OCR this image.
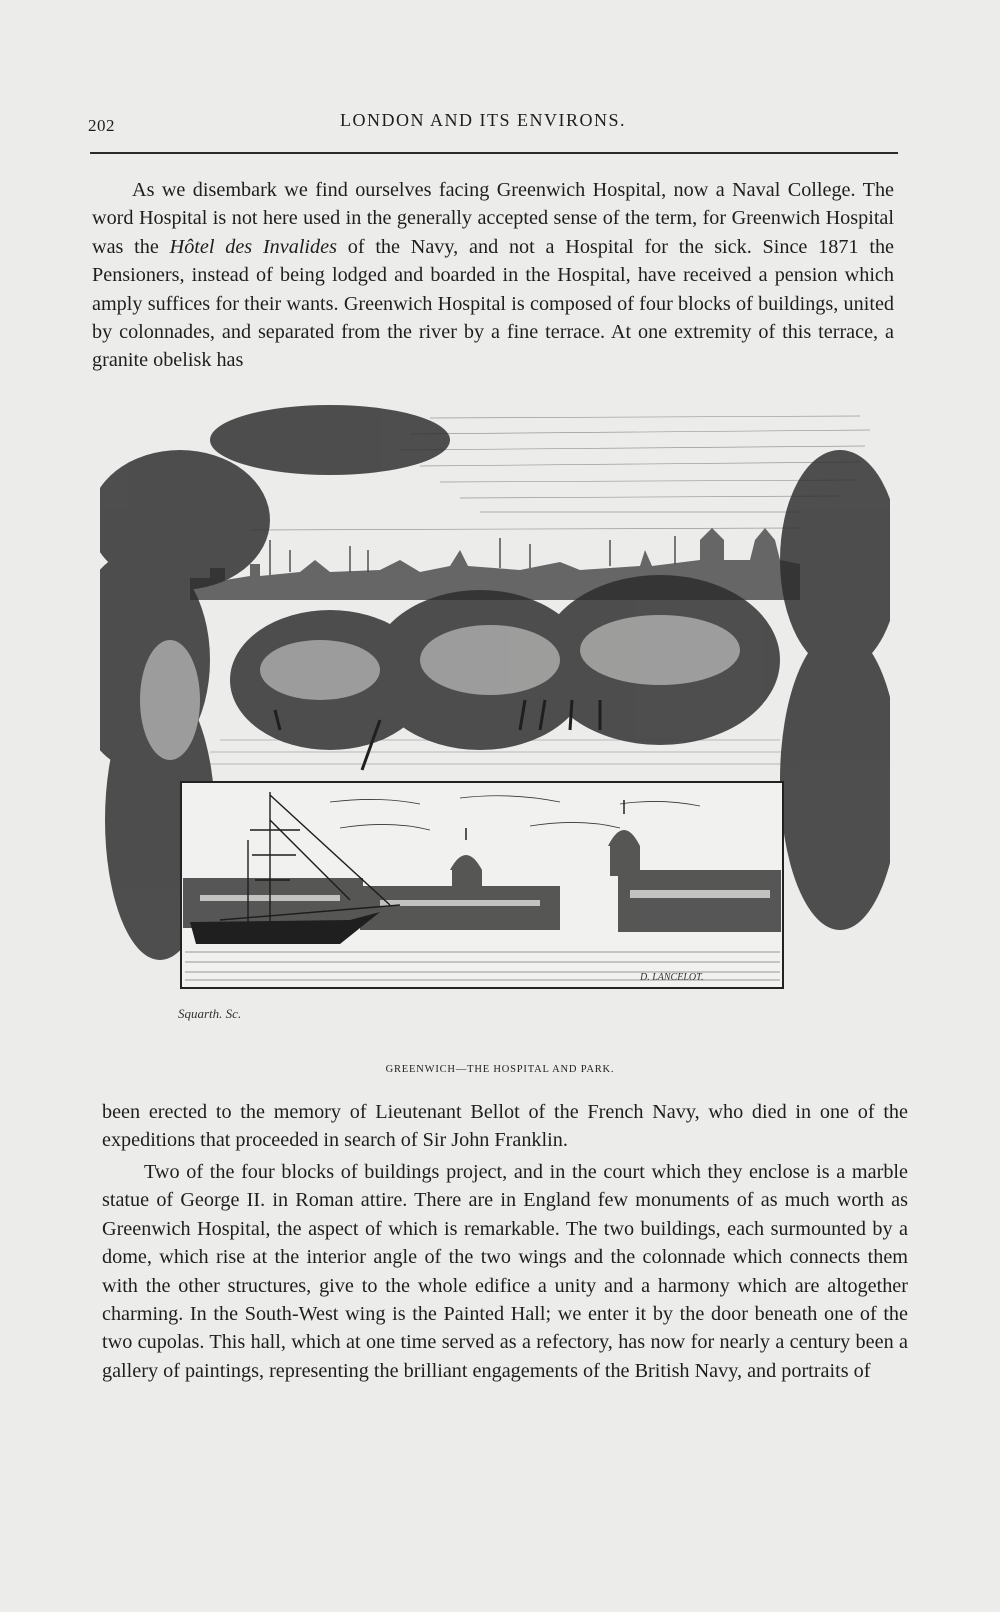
202	LONDON AND ITS ENVIRONS.

As we disembark we find ourselves facing Greenwich Hospital, now a Naval College. The word Hospital is not here used in the generally accepted sense of the term, for Greenwich Hospital was the Hôtel des Invalides of the Navy, and not a Hospital for the sick. Since 1871 the Pensioners, instead of being lodged and boarded in the Hospital, have received a pension which amply suffices for their wants. Greenwich Hospital is composed of four blocks of buildings, united by colonnades, and separated from the river by a fine terrace. At one extremity of this terrace, a granite obelisk has

Squarth. Sc.
D. LANCELOT.
GREENWICH—THE HOSPITAL AND PARK.

been erected to the memory of Lieutenant Bellot of the French Navy, who died in one of the expeditions that proceeded in search of Sir John Franklin.

Two of the four blocks of buildings project, and in the court which they enclose is a marble statue of George II. in Roman attire. There are in England few monuments of as much worth as Greenwich Hospital, the aspect of which is remarkable. The two buildings, each surmounted by a dome, which rise at the interior angle of the two wings and the colonnade which connects them with the other structures, give to the whole edifice a unity and a harmony which are altogether charming. In the South-West wing is the Painted Hall; we enter it by the door beneath one of the two cupolas. This hall, which at one time served as a refectory, has now for nearly a century been a gallery of paintings, representing the brilliant engagements of the British Navy, and portraits of
